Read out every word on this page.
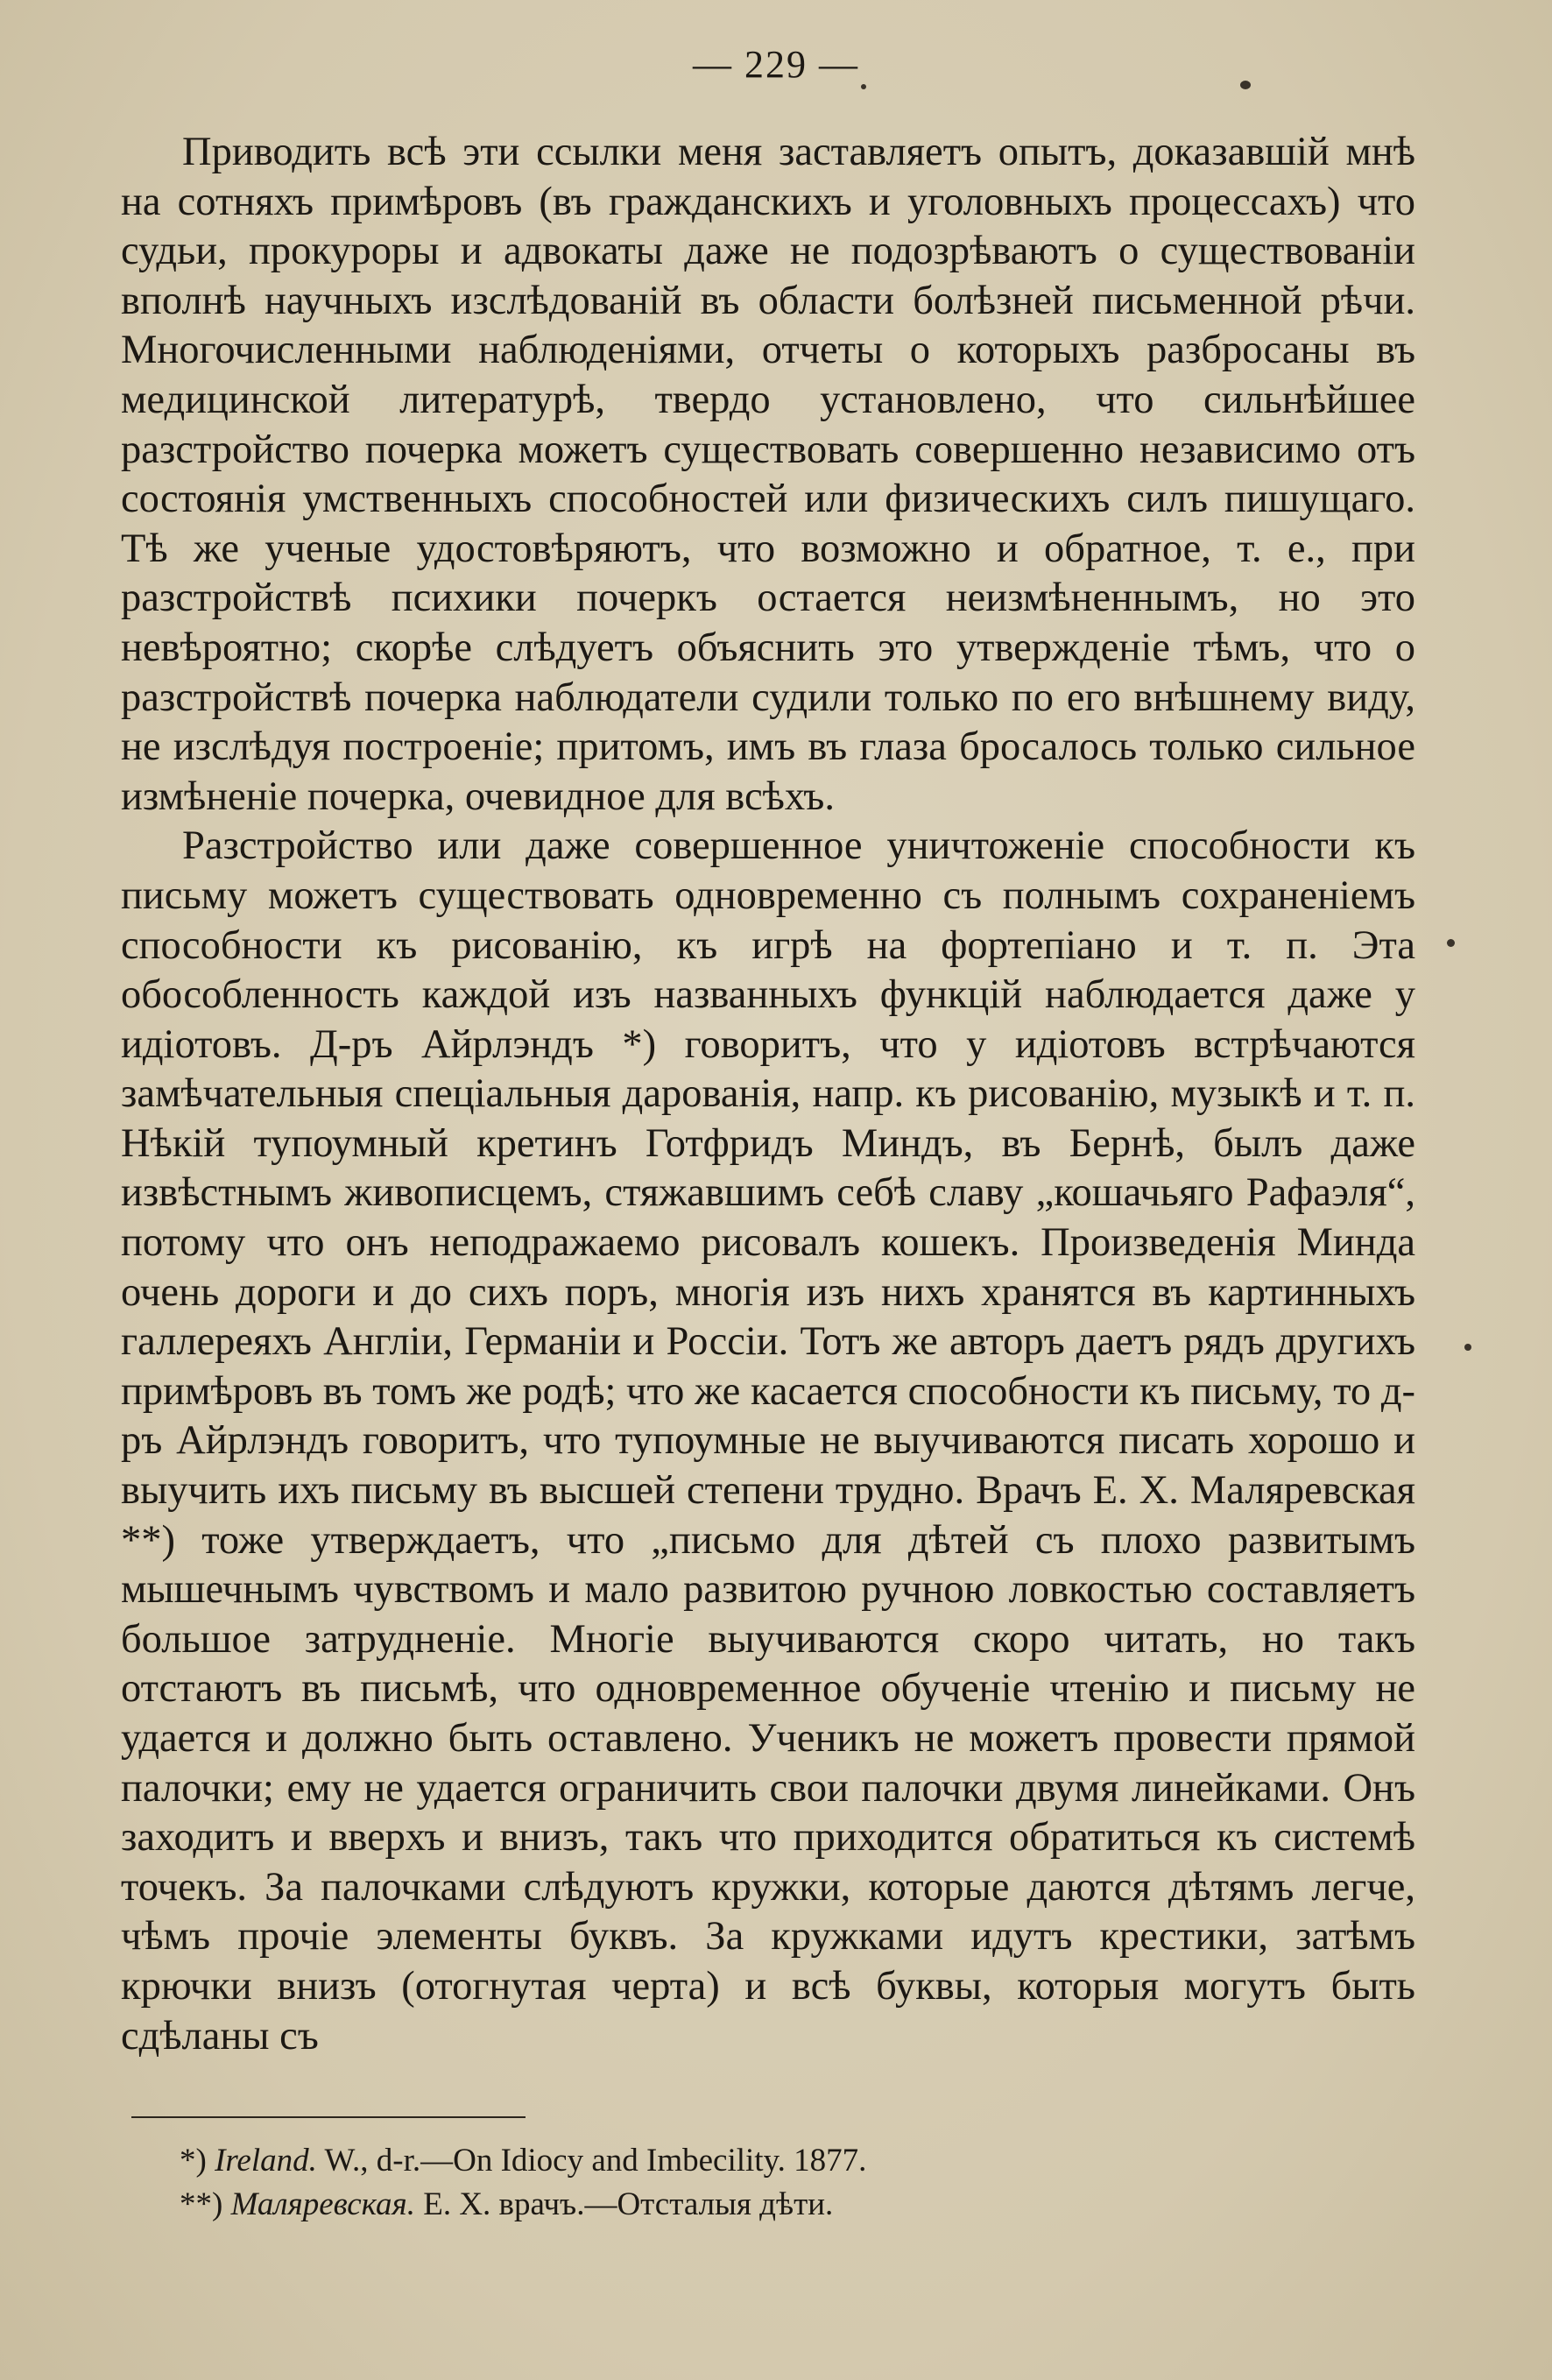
— 229 —

Приводить всѣ эти ссылки меня заставляетъ опытъ, доказавшій мнѣ на сотняхъ примѣровъ (въ гражданскихъ и уголовныхъ процессахъ) что судьи, прокуроры и адвокаты даже не подозрѣваютъ о существованіи вполнѣ научныхъ изслѣдованій въ области болѣзней письменной рѣчи. Многочисленными наблюденіями, отчеты о которыхъ разбросаны въ медицинской литературѣ, твердо установлено, что сильнѣйшее разстройство почерка можетъ существовать совершенно независимо отъ состоянія умственныхъ способностей или физическихъ силъ пишущаго. Тѣ же ученые удостовѣряютъ, что возможно и обратное, т. е., при разстройствѣ психики почеркъ остается неизмѣненнымъ, но это невѣроятно; скорѣе слѣдуетъ объяснить это утвержденіе тѣмъ, что о разстройствѣ почерка наблюдатели судили только по его внѣшнему виду, не изслѣдуя построеніе; притомъ, имъ въ глаза бросалось только сильное измѣненіе почерка, очевидное для всѣхъ.

Разстройство или даже совершенное уничтоженіе способности къ письму можетъ существовать одновременно съ полнымъ сохраненіемъ способности къ рисованію, къ игрѣ на фортепіано и т. п. Эта обособленность каждой изъ названныхъ функцій наблюдается даже у идіотовъ. Д-ръ Айрлэндъ *) говоритъ, что у идіотовъ встрѣчаются замѣчательныя спеціальныя дарованія, напр. къ рисованію, музыкѣ и т. п. Нѣкій тупоумный кретинъ Готфридъ Миндъ, въ Бернѣ, былъ даже извѣстнымъ живописцемъ, стяжавшимъ себѣ славу „кошачьяго Рафаэля“, потому что онъ неподражаемо рисовалъ кошекъ. Произведенія Минда очень дороги и до сихъ поръ, многія изъ нихъ хранятся въ картинныхъ галлереяхъ Англіи, Германіи и Россіи. Тотъ же авторъ даетъ рядъ другихъ примѣровъ въ томъ же родѣ; что же касается способности къ письму, то д-ръ Айрлэндъ говоритъ, что тупоумные не выучиваются писать хорошо и выучить ихъ письму въ высшей степени трудно. Врачъ Е. Х. Маляревская **) тоже утверждаетъ, что „письмо для дѣтей съ плохо развитымъ мышечнымъ чувствомъ и мало развитою ручною ловкостью составляетъ большое затрудненіе. Многіе выучиваются скоро читать, но такъ отстаютъ въ письмѣ, что одновременное обученіе чтенію и письму не удается и должно быть оставлено. Ученикъ не можетъ провести прямой палочки; ему не удается ограничить свои палочки двумя линейками. Онъ заходитъ и вверхъ и внизъ, такъ что приходится обратиться къ системѣ точекъ. За палочками слѣдуютъ кружки, которые даются дѣтямъ легче, чѣмъ прочіе элементы буквъ. За кружками идутъ крестики, затѣмъ крючки внизъ (отогнутая черта) и всѣ буквы, которыя могутъ быть сдѣланы съ

*) Ireland. W., d-r.—On Idiocy and Imbecility. 1877.
**) Маляревская. Е. Х. врачъ.—Отсталыя дѣти.
